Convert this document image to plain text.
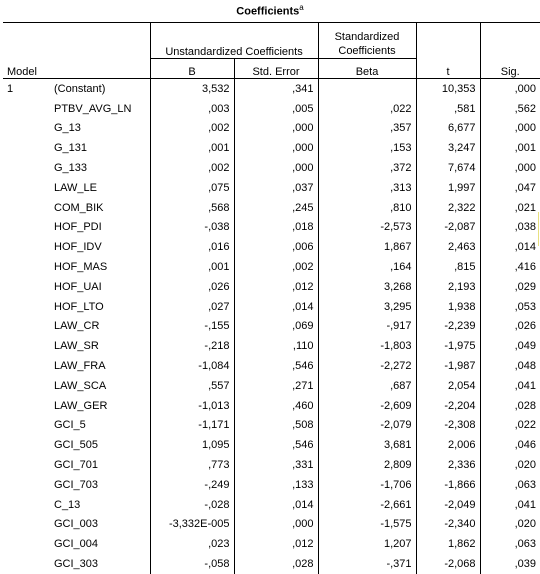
Coefficients$^a$
Model		Unstandardized Coefficients		Standardized
Coefficients	t	Sig.
		B	Std. Error	Beta		
1	(Constant)	3,532	,341		10,353	,000
	PTBV_AVG_LN	,003	,005	,022	,581	,562
	G_13	,002	,000	,357	6,677	,000
	G_131	,001	,000	,153	3,247	,001
	G_133	,002	,000	,372	7,674	,000
	LAW_LE	,075	,037	,313	1,997	,047
	COM_BIK	,568	,245	,810	2,322	,021
	HOF_PDI	-,038	,018	-2,573	-2,087	,038
	HOF_IDV	,016	,006	1,867	2,463	,014
	HOF_MAS	,001	,002	,164	,815	,416
	HOF_UAI	,026	,012	3,268	2,193	,029
	HOF_LTO	,027	,014	3,295	1,938	,053
	LAW_CR	-,155	,069	-,917	-2,239	,026
	LAW_SR	-,218	,110	-1,803	-1,975	,049
	LAW_FRA	-1,084	,546	-2,272	-1,987	,048
	LAW_SCA	,557	,271	,687	2,054	,041
	LAW_GER	-1,013	,460	-2,609	-2,204	,028
	GCI_5	-1,171	,508	-2,079	-2,308	,022
	GCI_505	1,095	,546	3,681	2,006	,046
	GCI_701	,773	,331	2,809	2,336	,020
	GCI_703	-,249	,133	-1,706	-1,866	,063
	C_13	-,028	,014	-2,661	-2,049	,041
	GCI_003	-3,332E-005	,000	-1,575	-2,340	,020
	GCI_004	,023	,012	1,207	1,862	,063
	GCI_303	-,058	,028	-,371	-2,068	,039
